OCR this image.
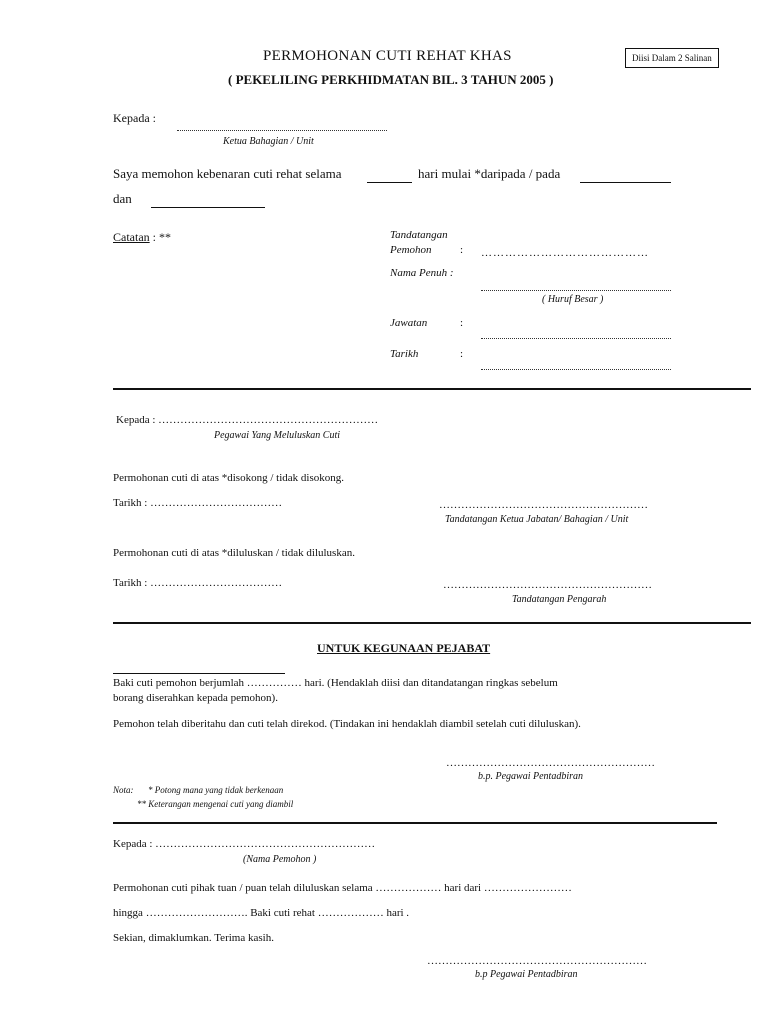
PERMOHONAN CUTI REHAT KHAS
( PEKELILING PERKHIDMATAN BIL. 3 TAHUN 2005 )
Diisi Dalam 2 Salinan
Kepada :
Ketua Bahagian / Unit
Saya memohon kebenaran cuti rehat selama	hari mulai *daripada / pada
dan
Catatan : **	Tandatangan
Pemohon	: ……………………………………
Nama Penuh :
( Huruf Besar )
Jawatan	:
Tarikh	:
Kepada : ……………………………………………………
Pegawai Yang Meluluskan Cuti
Permohonan cuti di atas *disokong / tidak disokong.
Tarikh : ………………………………	…………………………………………………
Tandatangan Ketua Jabatan/ Bahagian / Unit
Permohonan cuti di atas *diluluskan / tidak diluluskan.
Tarikh : ………………………………	…………………………………………………
Tandatangan Pengarah
UNTUK KEGUNAAN PEJABAT
Baki cuti pemohon berjumlah …………… hari. (Hendaklah diisi dan ditandatangan ringkas sebelum
borang diserahkan kepada pemohon).
Pemohon telah diberitahu dan cuti telah direkod. (Tindakan ini hendaklah diambil setelah cuti diluluskan).
…………………………………………………
b.p. Pegawai Pentadbiran
Nota: * Potong mana yang tidak berkenaan
** Keterangan mengenai cuti yang diambil
Kepada : ……………………………………………………
(Nama Pemohon )
Permohonan cuti pihak tuan / puan telah diluluskan selama ……………… hari dari ……………………
hingga ………………………. Baki cuti rehat ……………… hari .
Sekian, dimaklumkan. Terima kasih.
……………………………………………………
b.p Pegawai Pentadbiran
